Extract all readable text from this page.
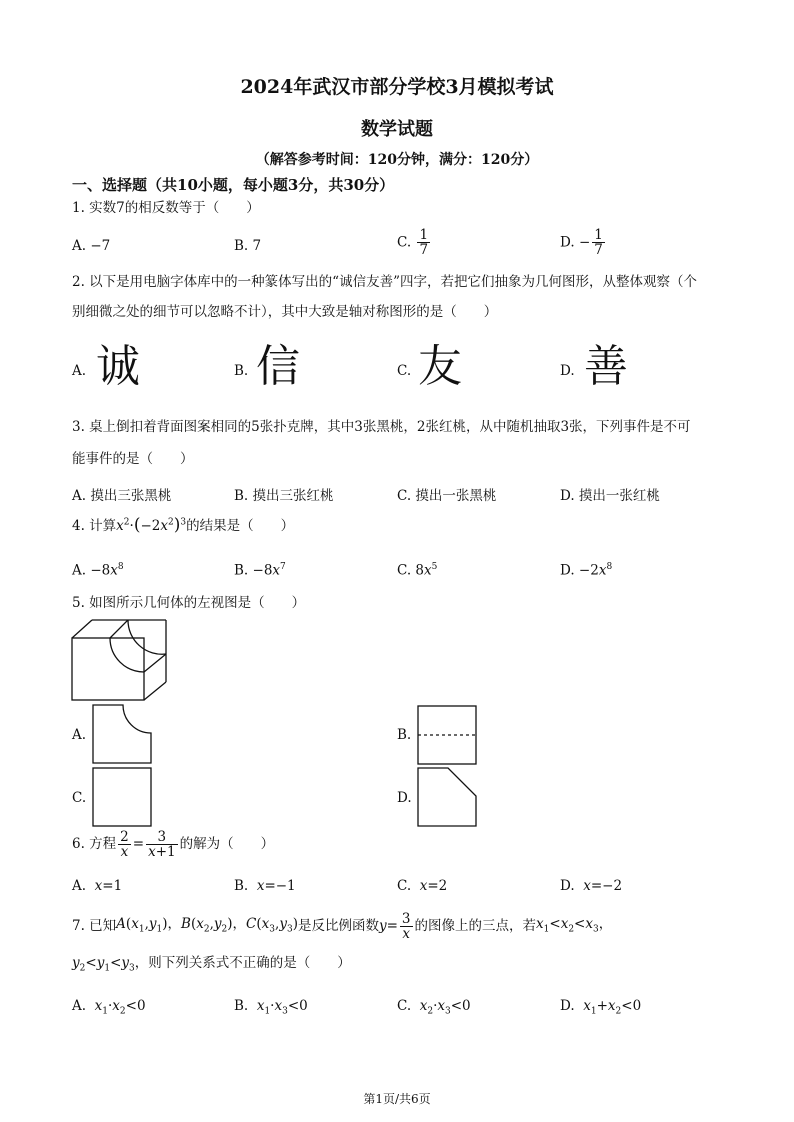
2024年武汉市部分学校3月模拟考试
数学试题
（解答参考时间：120分钟，满分：120分）
一、选择题（共10小题，每小题3分，共30分）
1. 实数7的相反数等于（　　）
A. −7	B. 7	C. $\frac{1}{7}$	D. − $\frac{1}{7}$
2. 以下是用电脑字体库中的一种篆体写出的“诚信友善”四字，若把它们抽象为几何图形，从整体观察（个
别细微之处的细节可以忽略不计），其中大致是轴对称图形的是（　　）
A. 诚	B. 信	C. 友	D. 善
3. 桌上倒扣着背面图案相同的5张扑克牌，其中3张黑桃，2张红桃，从中随机抽取3张，下列事件是不可
能事件的是（　　）
A. 摸出三张黑桃	B. 摸出三张红桃	C. 摸出一张黑桃	D. 摸出一张红桃
4. 计算$x^2\cdot(-2x^2)^3$的结果是（　　）
A. $-8x^8$	B. $-8x^7$	C. $8x^5$	D. $-2x^8$
5. 如图所示几何体的左视图是（　　）
A.	B.
C.	D.
6. 方程 $\frac{2}{x} = \frac{3}{x+1}$ 的解为（　　）
A. x=1	B. x=−1	C. x=2	D. x=−2
7. 已知$A(x_1,y_1)$，$B(x_2,y_2)$，$C(x_3,y_3)$是反比例函数$y= \frac{3}{x}$ 的图像上的三点，若$x_1<x_2<x_3$，
$y_2<y_1<y_3$，则下列关系式不正确的是（　　）
A. $x_1\cdot x_2<0$	B. $x_1\cdot x_3<0$	C. $x_2\cdot x_3<0$	D. $x_1+x_2<0$
第1页/共6页
